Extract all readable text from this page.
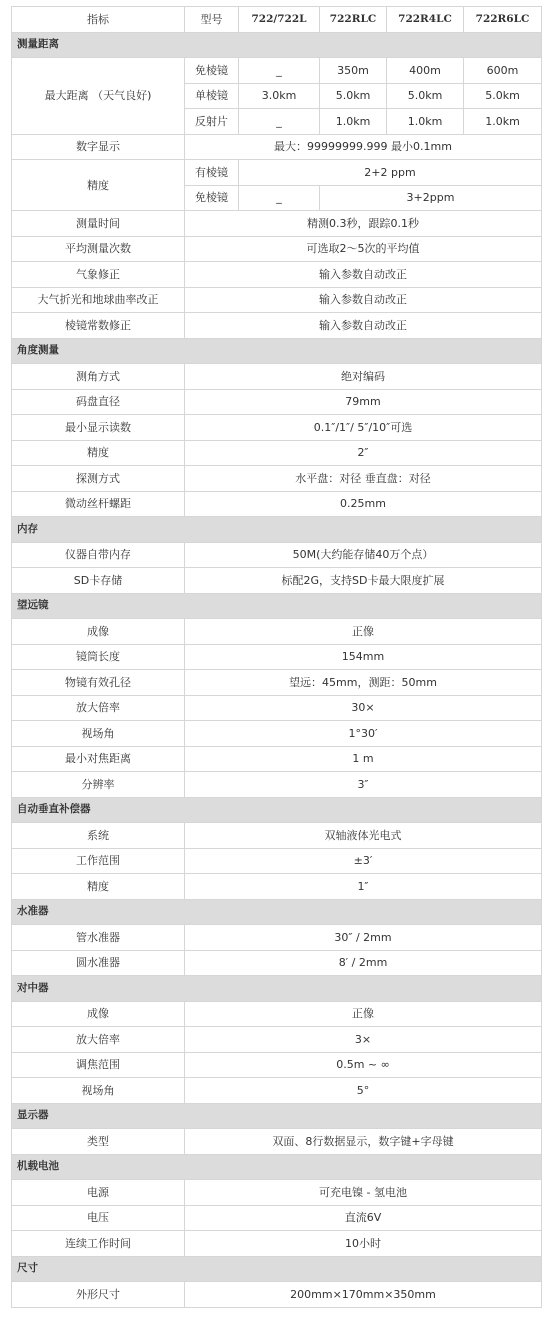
指标	型号	722/722L	722RLC	722R4LC	722R6LC
测量距离					
最大距离 （天气良好)	免棱镜	_	350m	400m	600m
	单棱镜	3.0km	5.0km	5.0km	5.0km
	反射片	_	1.0km	1.0km	1.0km
数字显示	最大：99999999.999 最小0.1mm				
精度	有棱镜	2+2 ppm			
	免棱镜	_	3+2ppm		
测量时间	精测0.3秒，跟踪0.1秒				
平均测量次数	可选取2～5次的平均值				
气象修正	输入参数自动改正				
大气折光和地球曲率改正	输入参数自动改正				
棱镜常数修正	输入参数自动改正				
角度测量					
测角方式	绝对编码				
码盘直径	79mm				
最小显示读数	0.1″/1″/ 5″/10″可选				
精度	2″				
探测方式	水平盘：对径 垂直盘：对径				
微动丝杆螺距	0.25mm				
内存					
仪器自带内存	50M(大约能存储40万个点）				
SD卡存储	标配2G，支持SD卡最大限度扩展				
望远镜					
成像	正像				
镜筒长度	154mm				
物镜有效孔径	望远：45mm，测距：50mm				
放大倍率	30×				
视场角	1°30′				
最小对焦距离	1 m				
分辨率	3″				
自动垂直补偿器					
系统	双轴液体光电式				
工作范围	±3′				
精度	1″				
水准器					
管水准器	30″ / 2mm				
圆水准器	8′ / 2mm				
对中器					
成像	正像				
放大倍率	3×				
调焦范围	0.5m ~ ∞				
视场角	5°				
显示器					
类型	双面、8行数据显示，数字键+字母键				
机载电池					
电源	可充电镍 - 氢电池				
电压	直流6V				
连续工作时间	10小时				
尺寸					
外形尺寸	200mm×170mm×350mm				
